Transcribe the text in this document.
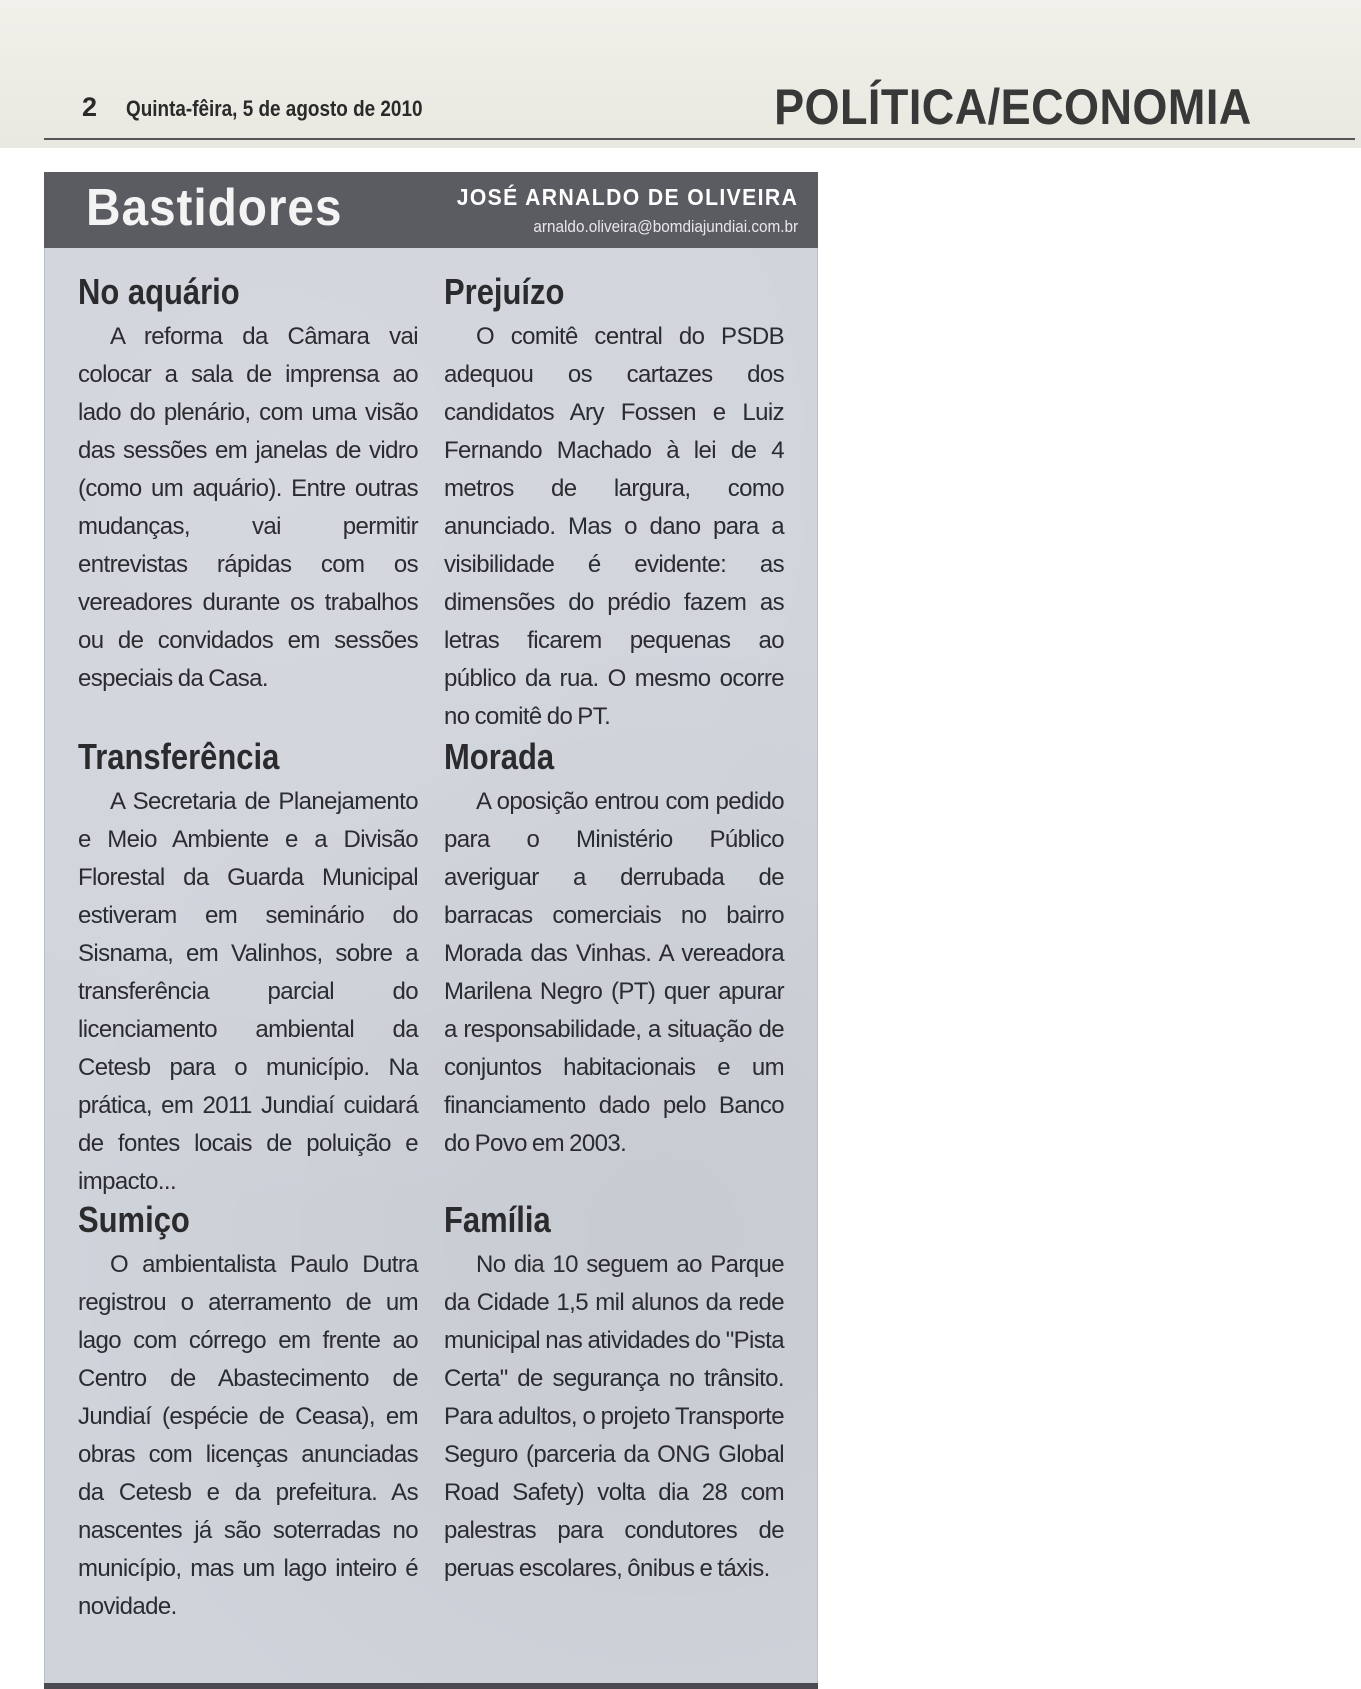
2 Quinta-fêira, 5 de agosto de 2010	POLÍTICA/ECONOMIA
Bastidores	JOSÉ ARNALDO DE OLIVEIRA
arnaldo.oliveira@bomdiajundiai.com.br
No aquário

A reforma da Câmara vai colocar a sala de imprensa ao lado do plenário, com uma visão das sessões em janelas de vidro (como um aquário). Entre outras mudanças, vai permitir entrevistas rápidas com os vereadores durante os trabalhos ou de convidados em sessões especiais da Casa.

Prejuízo

O comitê central do PSDB adequou os cartazes dos candidatos Ary Fossen e Luiz Fernando Machado à lei de 4 metros de largura, como anunciado. Mas o dano para a visibilidade é evidente: as dimensões do prédio fazem as letras ficarem pequenas ao público da rua. O mesmo ocorre no comitê do PT.

Transferência

A Secretaria de Planejamento e Meio Ambiente e a Divisão Florestal da Guarda Municipal estiveram em seminário do Sisnama, em Valinhos, sobre a transferência parcial do licenciamento ambiental da Cetesb para o município. Na prática, em 2011 Jundiaí cuidará de fontes locais de poluição e impacto...

Morada

A oposição entrou com pedido para o Ministério Público averiguar a derrubada de barracas comerciais no bairro Morada das Vinhas. A vereadora Marilena Negro (PT) quer apurar a responsabilidade, a situação de conjuntos habitacionais e um financiamento dado pelo Banco do Povo em 2003.

Sumiço

O ambientalista Paulo Dutra registrou o aterramento de um lago com córrego em frente ao Centro de Abastecimento de Jundiaí (espécie de Ceasa), em obras com licenças anunciadas da Cetesb e da prefeitura. As nascentes já são soterradas no município, mas um lago inteiro é novidade.

Família

No dia 10 seguem ao Parque da Cidade 1,5 mil alunos da rede municipal nas atividades do "Pista Certa" de segurança no trânsito. Para adultos, o projeto Transporte Seguro (parceria da ONG Global Road Safety) volta dia 28 com palestras para condutores de peruas escolares, ônibus e táxis.
